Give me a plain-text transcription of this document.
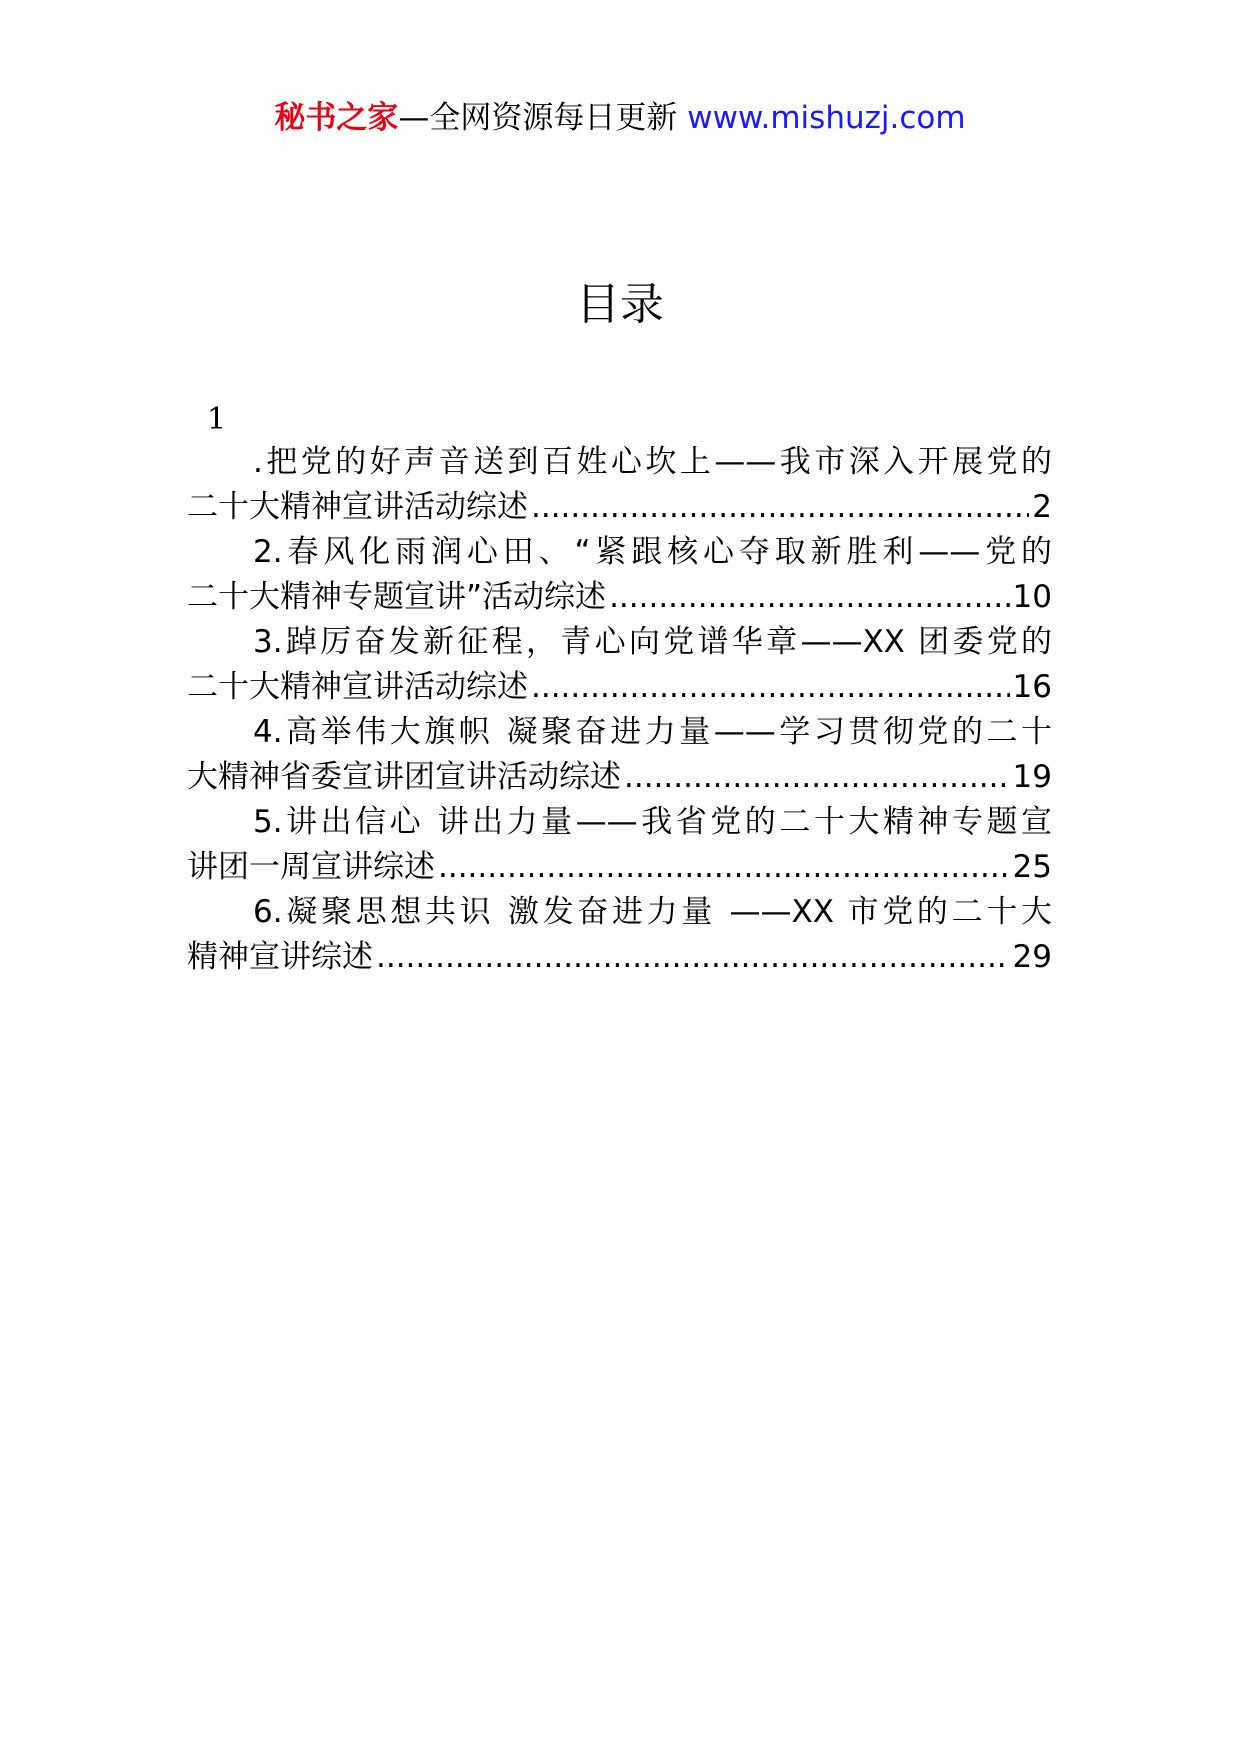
秘书之家—全网资源每日更新 www.mishuzj.com
目录
1
.把党的好声音送到百姓心坎上——我市深入开展党的
二十大精神宣讲活动综述 .....	2
2.春风化雨润心田、“紧跟核心夺取新胜利——党的
二十大精神专题宣讲”活动综述 .....	10
3.踔厉奋发新征程，青心向党谱华章——XX 团委党的
二十大精神宣讲活动综述 .....	16
4.高举伟大旗帜 凝聚奋进力量——学习贯彻党的二十
大精神省委宣讲团宣讲活动综述 .....	19
5.讲出信心 讲出力量——我省党的二十大精神专题宣
讲团一周宣讲综述 .....	25
6.凝聚思想共识 激发奋进力量 ——XX 市党的二十大
精神宣讲综述 .....	29
